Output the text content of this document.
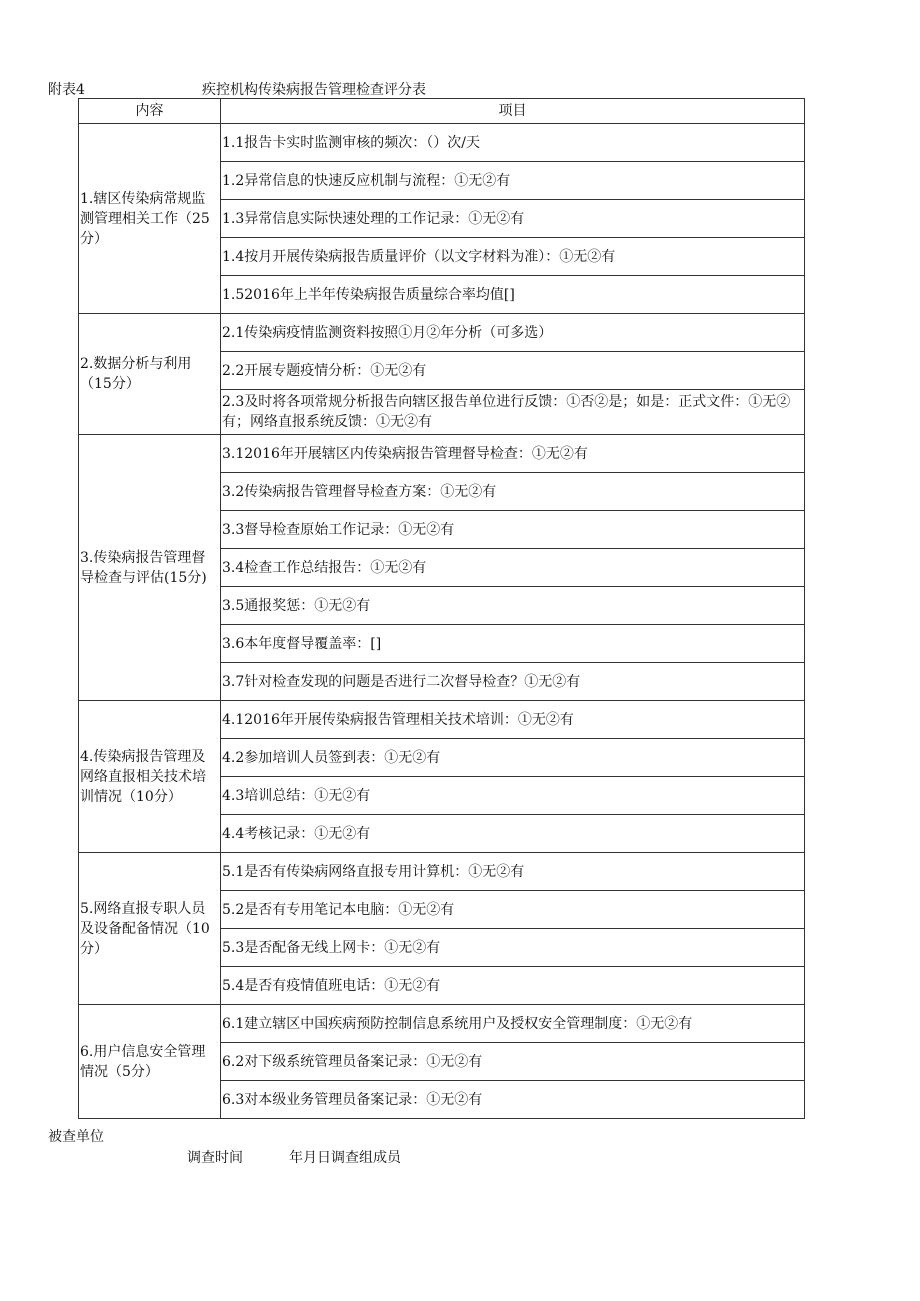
附表4	疾控机构传染病报告管理检查评分表
内容	项目
1.辖区传染病常规监测管理相关工作（25分）	1.1报告卡实时监测审核的频次：（）次/天
	1.2异常信息的快速反应机制与流程：①无②有
	1.3异常信息实际快速处理的工作记录：①无②有
	1.4按月开展传染病报告质量评价（以文字材料为准）：①无②有
	1.52016年上半年传染病报告质量综合率均值[]
2.数据分析与利用（15分）	2.1传染病疫情监测资料按照①月②年分析（可多选）
	2.2开展专题疫情分析：①无②有
	2.3及时将各项常规分析报告向辖区报告单位进行反馈：①否②是；如是：正式文件：①无②有；网络直报系统反馈：①无②有
3.传染病报告管理督导检查与评估(15分)	3.12016年开展辖区内传染病报告管理督导检查：①无②有
	3.2传染病报告管理督导检查方案：①无②有
	3.3督导检查原始工作记录：①无②有
	3.4检查工作总结报告：①无②有
	3.5通报奖惩：①无②有
	3.6本年度督导覆盖率：[]
	3.7针对检查发现的问题是否进行二次督导检查？①无②有
4.传染病报告管理及网络直报相关技术培训情况（10分）	4.12016年开展传染病报告管理相关技术培训：①无②有
	4.2参加培训人员签到表：①无②有
	4.3培训总结：①无②有
	4.4考核记录：①无②有
5.网络直报专职人员及设备配备情况（10分）	5.1是否有传染病网络直报专用计算机：①无②有
	5.2是否有专用笔记本电脑：①无②有
	5.3是否配备无线上网卡：①无②有
	5.4是否有疫情值班电话：①无②有
6.用户信息安全管理情况（5分）	6.1建立辖区中国疾病预防控制信息系统用户及授权安全管理制度：①无②有
	6.2对下级系统管理员备案记录：①无②有
	6.3对本级业务管理员备案记录：①无②有
被查单位
调查时间	年月日调查组成员
